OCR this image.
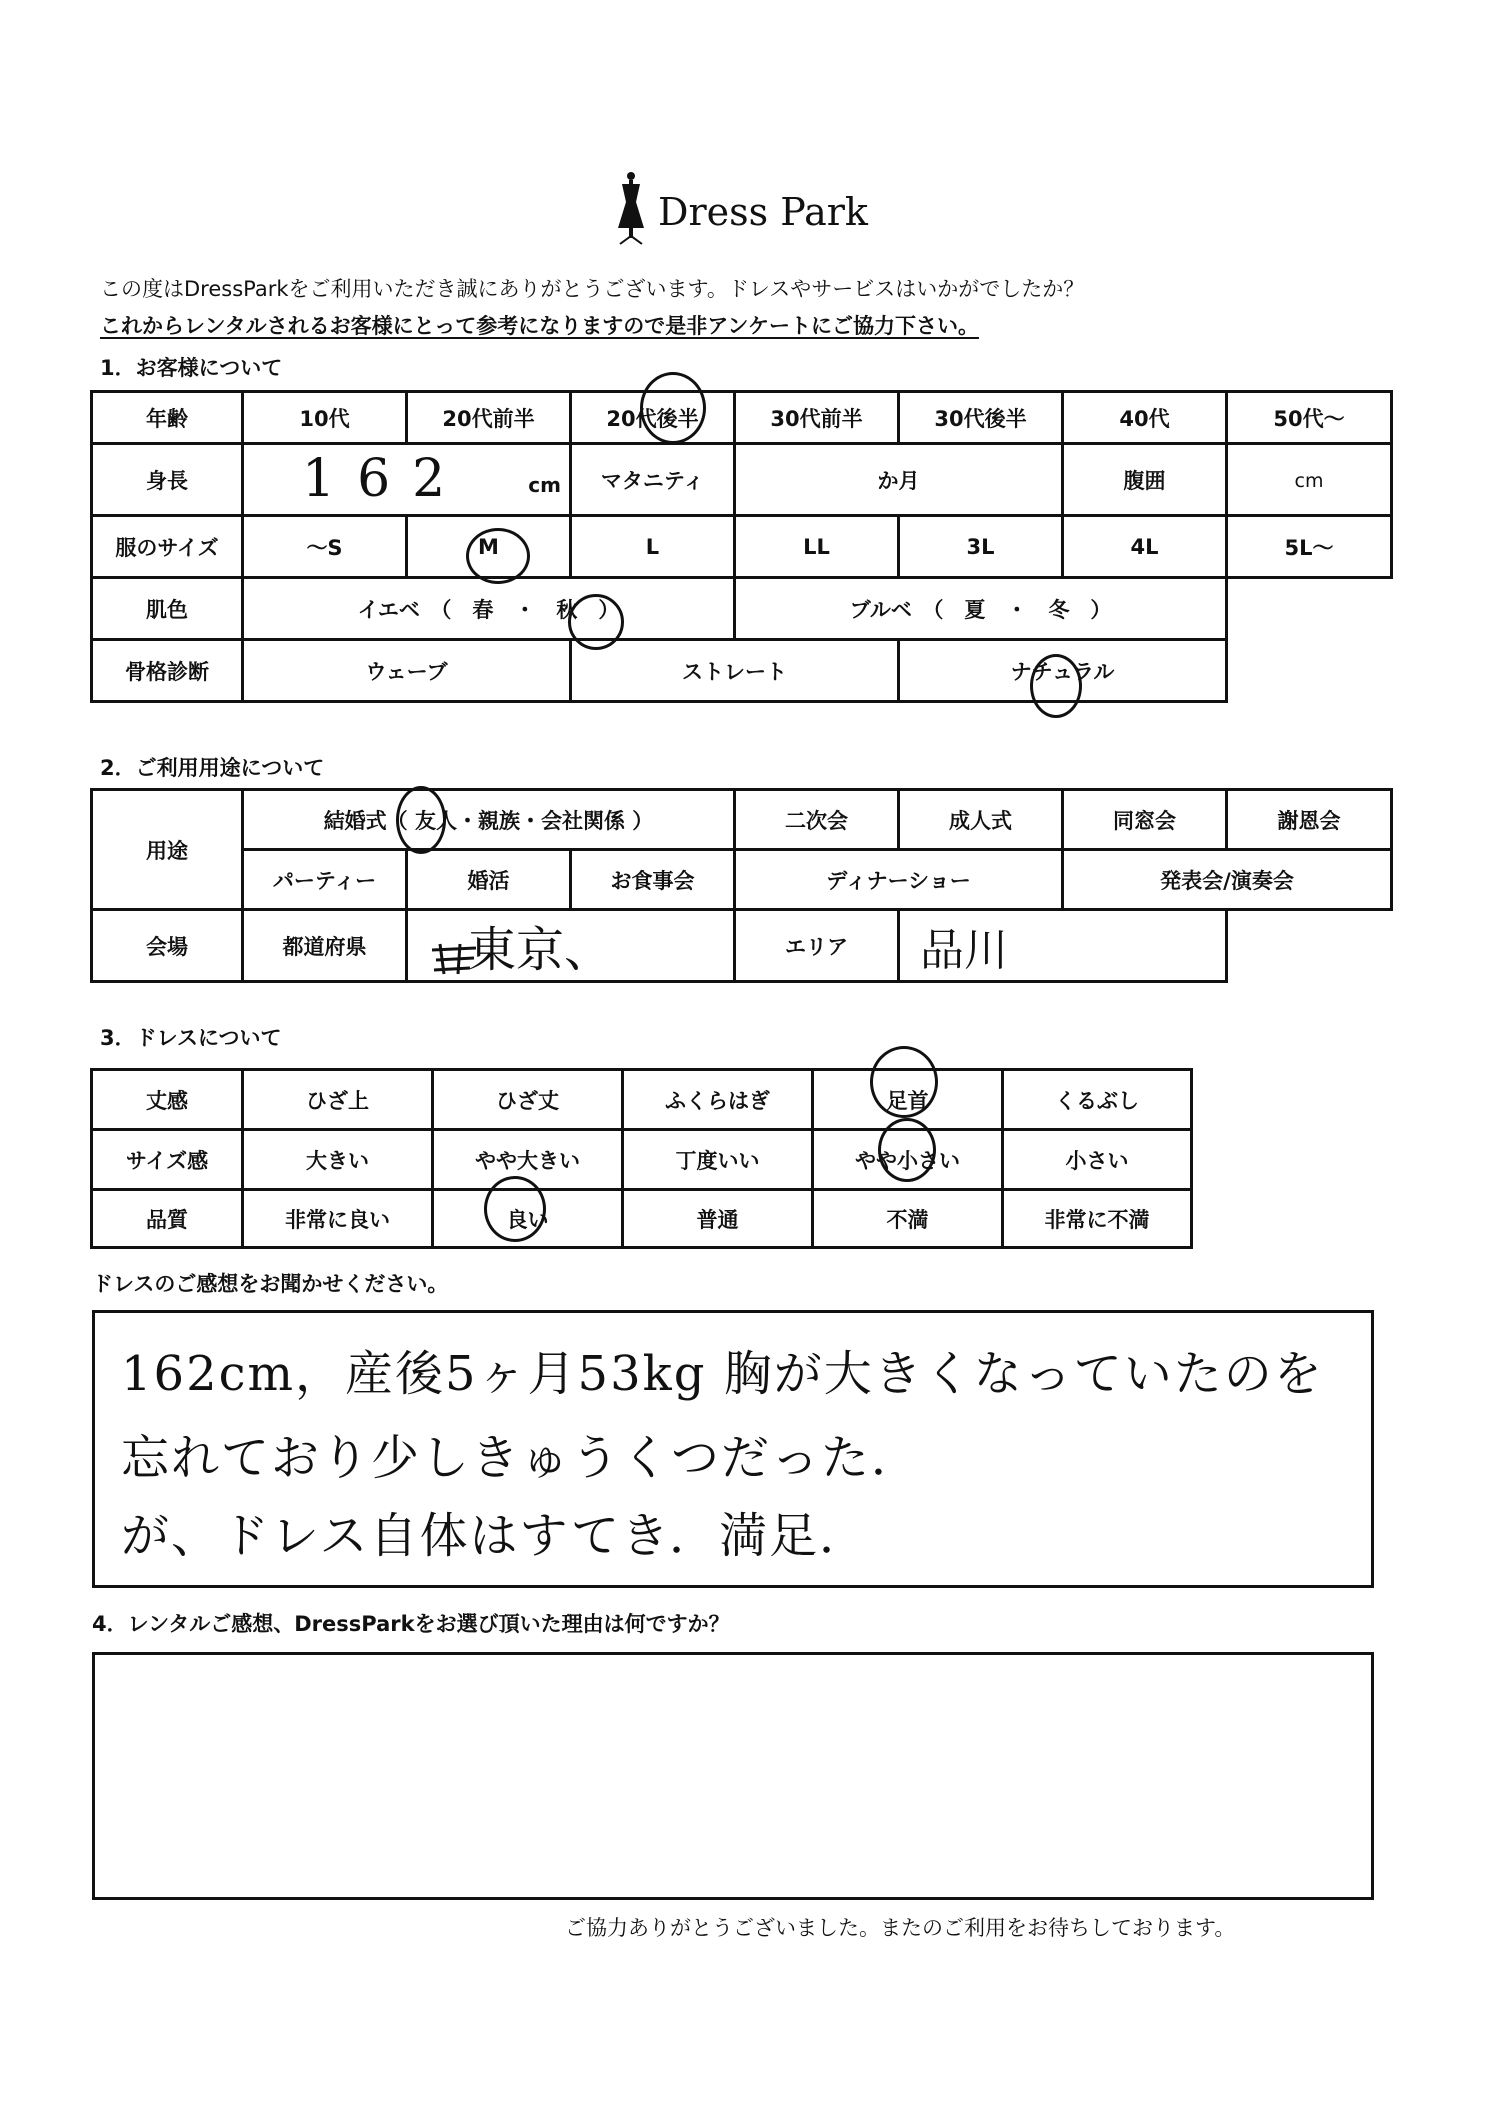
Dress Park
この度はDressParkをご利用いただき誠にありがとうございます。ドレスやサービスはいかがでしたか？
これからレンタルされるお客様にとって参考になりますので是非アンケートにご協力下さい。
1．お客様について
年齢	10代	20代前半	20代後半	30代前半	30代後半	40代	50代～
身長	162 cm		マタニティ	か月		腹囲	cm
服のサイズ	～S	M	L	LL	3L	4L	5L～
肌色	イエベ　（　春　・　秋　）			ブルベ　（　夏　・　冬　）			
骨格診断	ウェーブ		ストレート		ナチュラル		
2．ご利用用途について
用途	結婚式（ 友人・親族・会社関係 ）			二次会	成人式	同窓会	謝恩会
	パーティー	婚活	お食事会	ディナーショー		発表会/演奏会	
会場	都道府県	東京、		エリア	品川		
3．ドレスについて
丈感	ひざ上	ひざ丈	ふくらはぎ	足首	くるぶし
サイズ感	大きい	やや大きい	丁度いい	やや小さい	小さい
品質	非常に良い	良い	普通	不満	非常に不満
ドレスのご感想をお聞かせください。
162cm，産後5ヶ月53kg 胸が大きくなっていたのを
忘れており少しきゅうくつだった．
が、ドレス自体はすてき．満足．
4．レンタルご感想、DressParkをお選び頂いた理由は何ですか？
ご協力ありがとうございました。またのご利用をお待ちしております。
